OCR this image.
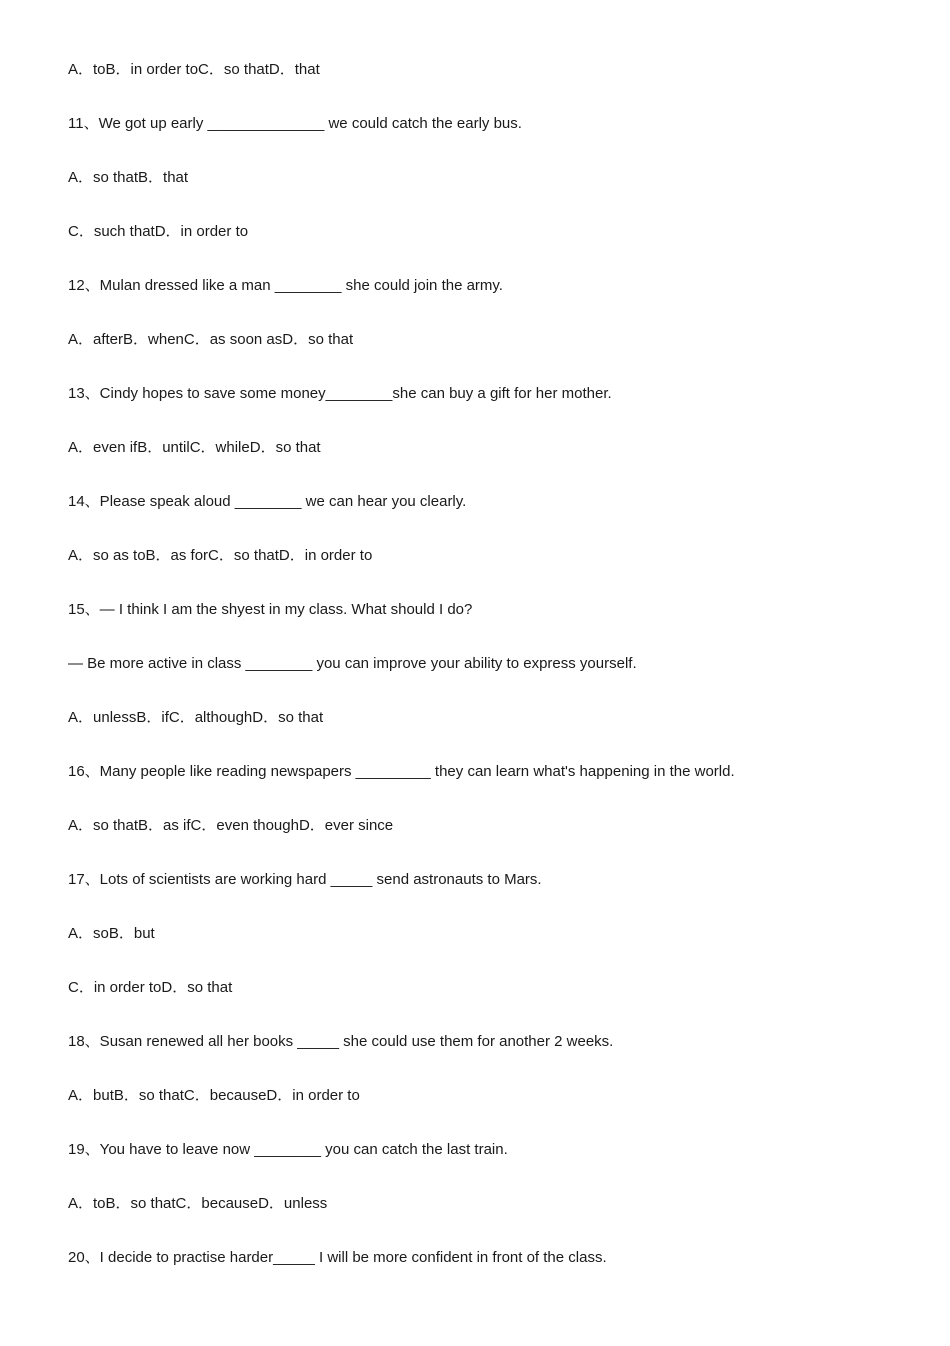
A．toB．in order toC．so thatD．that
11、We got up early ______________ we could catch the early bus.
A．so thatB．that
C．such thatD．in order to
12、Mulan dressed like a man ________ she could join the army.
A．afterB．whenC．as soon asD．so that
13、Cindy hopes to save some money________she can buy a gift for her mother.
A．even ifB．untilC．whileD．so that
14、Please speak aloud ________ we can hear you clearly.
A．so as toB．as forC．so thatD．in order to
15、— I think I am the shyest in my class. What should I do?
— Be more active in class ________ you can improve your ability to express yourself.
A．unlessB．ifC．althoughD．so that
16、Many people like reading newspapers _________ they can learn what's happening in the world.
A．so thatB．as ifC．even thoughD．ever since
17、Lots of scientists are working hard _____ send astronauts to Mars.
A．soB．but
C．in order toD．so that
18、Susan renewed all her books _____ she could use them for another 2 weeks.
A．butB．so thatC．becauseD．in order to
19、You have to leave now ________ you can catch the last train.
A．toB．so thatC．becauseD．unless
20、I decide to practise harder_____ I will be more confident in front of the class.
